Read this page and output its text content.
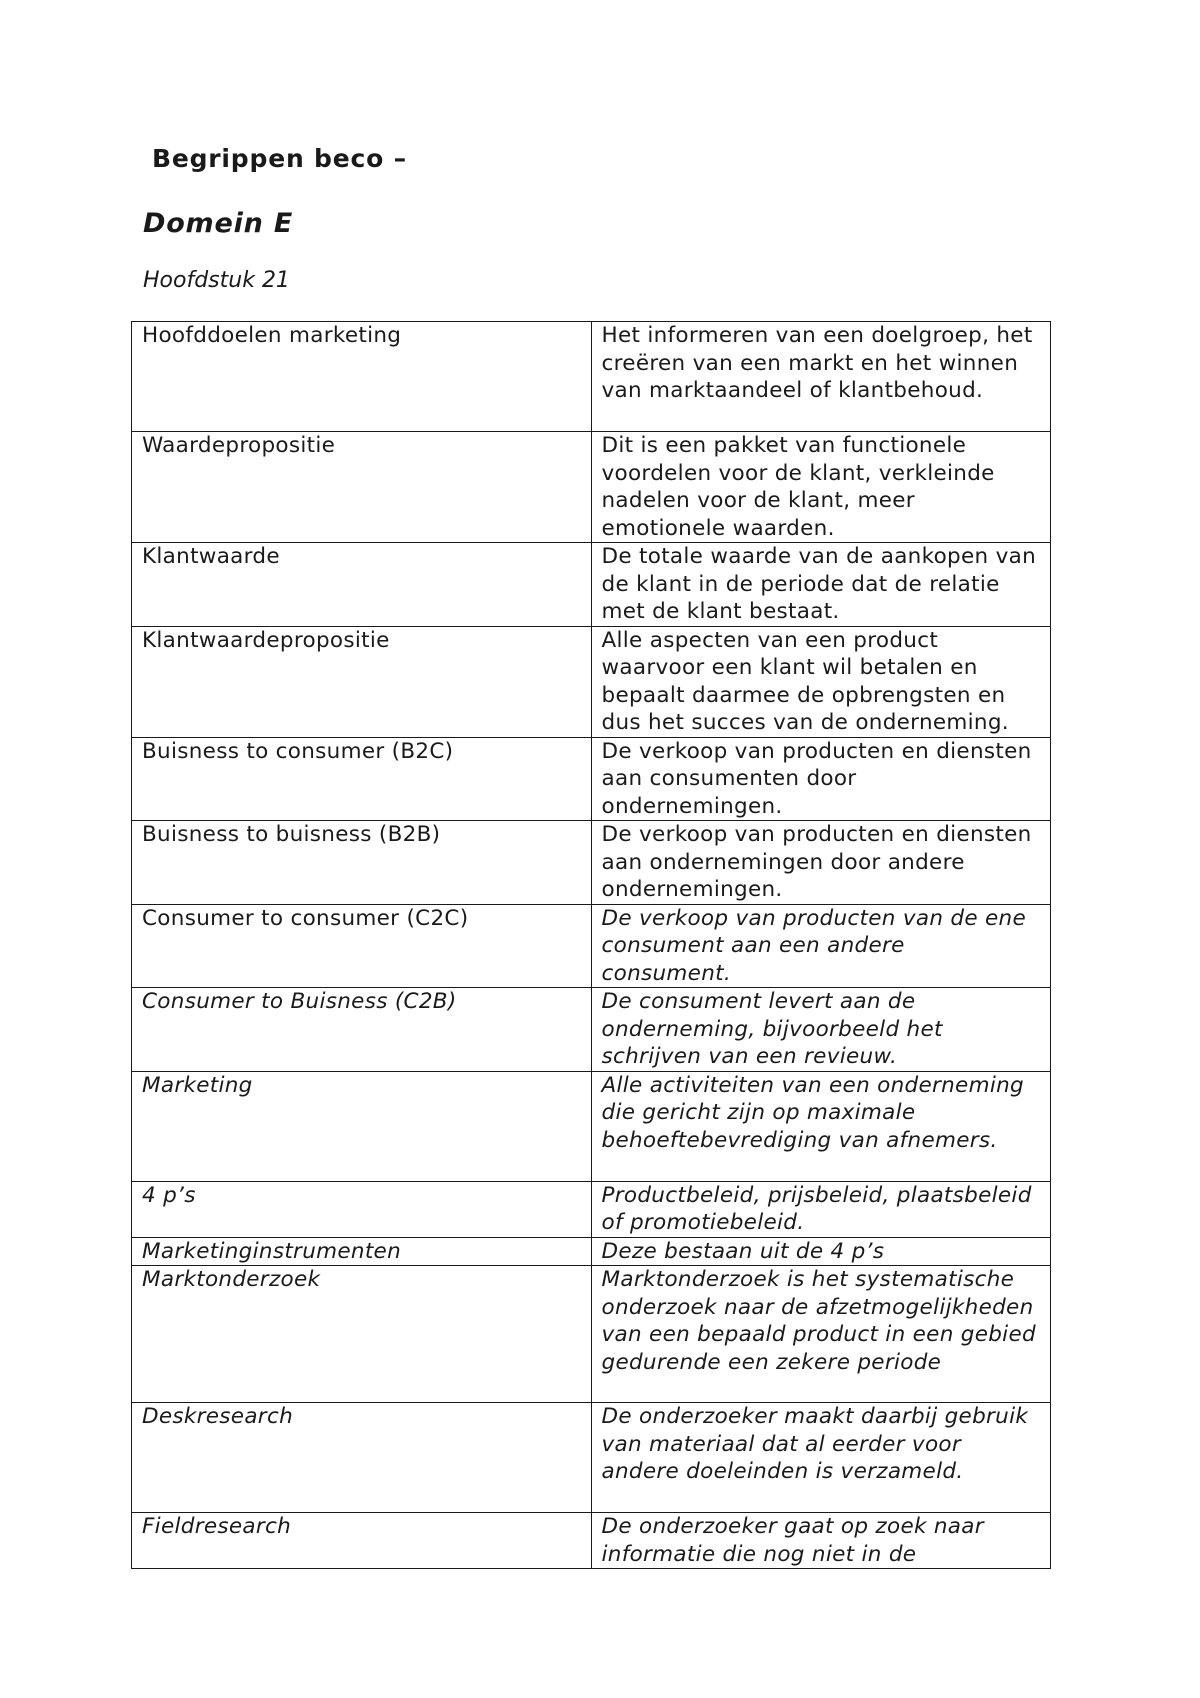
Begrippen beco –
Domein E
Hoofdstuk 21
Hoofddoelen marketing	Het informeren van een doelgroep, het creëren van een markt en het winnen van marktaandeel of klantbehoud.
Waardepropositie	Dit is een pakket van functionele voordelen voor de klant, verkleinde nadelen voor de klant, meer emotionele waarden.
Klantwaarde	De totale waarde van de aankopen van de klant in de periode dat de relatie met de klant bestaat.
Klantwaardepropositie	Alle aspecten van een product waarvoor een klant wil betalen en bepaalt daarmee de opbrengsten en dus het succes van de onderneming.
Buisness to consumer (B2C)	De verkoop van producten en diensten aan consumenten door ondernemingen.
Buisness to buisness (B2B)	De verkoop van producten en diensten aan ondernemingen door andere ondernemingen.
Consumer to consumer (C2C)	De verkoop van producten van de ene consument aan een andere consument.
Consumer to Buisness (C2B)	De consument levert aan de onderneming, bijvoorbeeld het schrijven van een revieuw.
Marketing	Alle activiteiten van een onderneming die gericht zijn op maximale behoeftebevrediging van afnemers.
4 p’s	Productbeleid, prijsbeleid, plaatsbeleid of promotiebeleid.
Marketinginstrumenten	Deze bestaan uit de 4 p’s
Marktonderzoek	Marktonderzoek is het systematische onderzoek naar de afzetmogelijkheden van een bepaald product in een gebied gedurende een zekere periode
Deskresearch	De onderzoeker maakt daarbij gebruik van materiaal dat al eerder voor andere doeleinden is verzameld.
Fieldresearch	De onderzoeker gaat op zoek naar informatie die nog niet in de
